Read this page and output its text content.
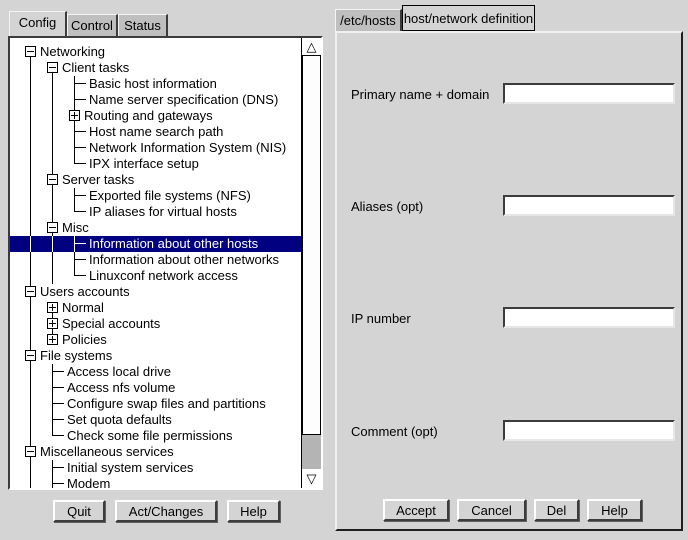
Config	Control Status
Networking
Client tasks
Basic host information
Name server specification (DNS)
Routing and gateways
Host name search path
Network Information System (NIS)
IPX interface setup
Server tasks
Exported file systems (NFS)
IP aliases for virtual hosts
Misc
Information about other hosts
Information about other networks
Linuxconf network access
Users accounts
Normal
Special accounts
Policies
File systems
Access local drive
Access nfs volume
Configure swap files and partitions
Set quota defaults
Check some file permissions
Miscellaneous services
Initial system services
Modem
△
▽
Quit	Act/Changes	Help
/etc/hosts host/network definition
Primary name + domain
Aliases (opt)
IP number
Comment (opt)
Accept	Cancel	Del	Help
